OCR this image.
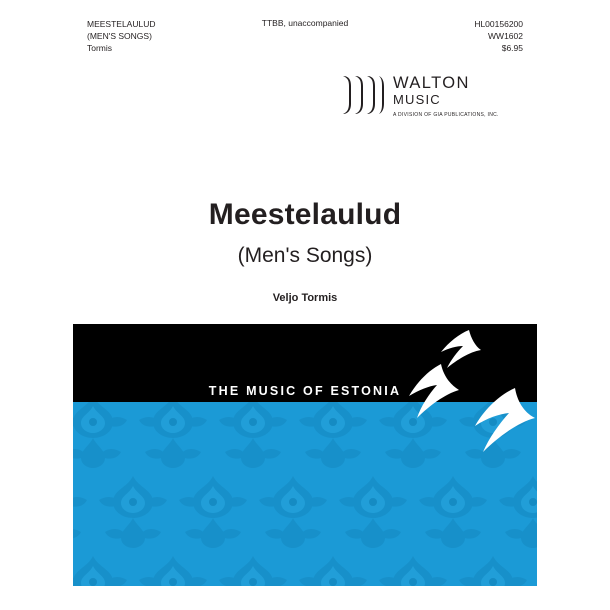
MEESTELAULUD
(MEN'S SONGS)
Tormis
TTBB, unaccompanied	HL00156200
WW1602
$6.95
WALTON
MUSIC
A DIVISION OF GIA PUBLICATIONS, INC.
Meestelaulud
(Men's Songs)
Veljo Tormis
THE MUSIC OF ESTONIA
